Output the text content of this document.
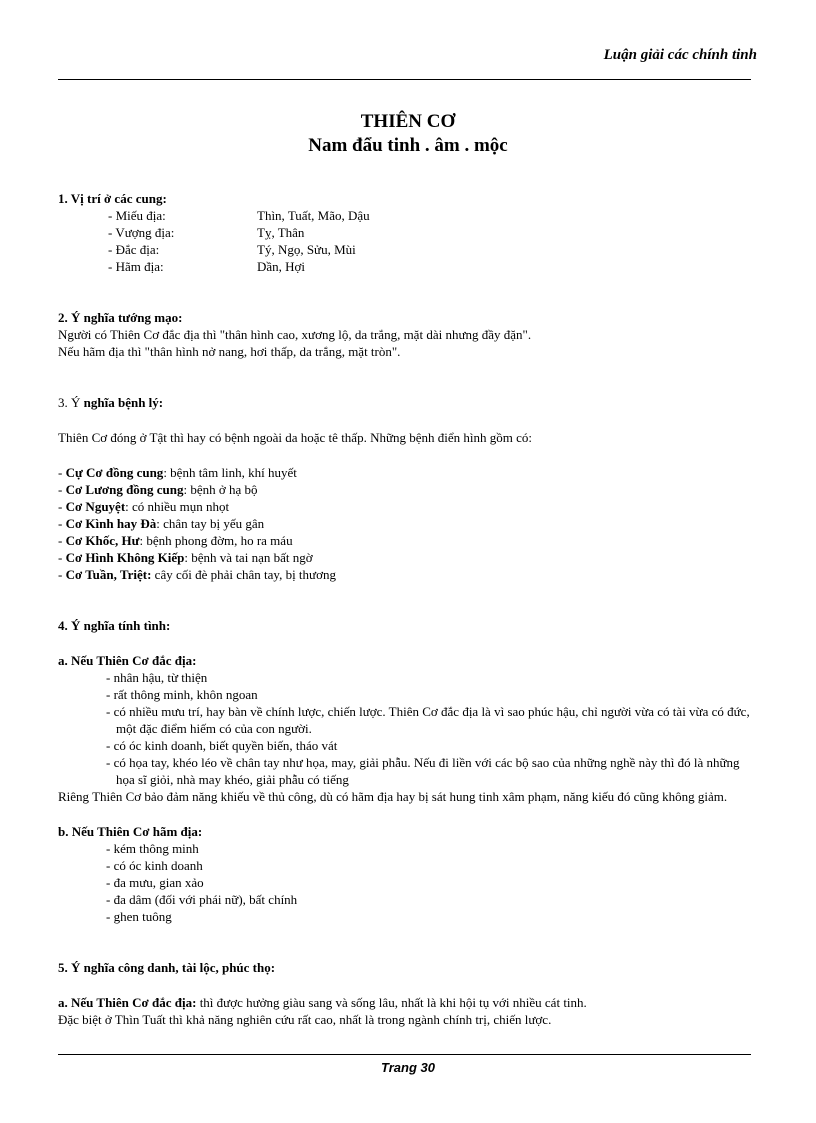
Luận giải các chính tinh
THIÊN CƠ
Nam đẩu tinh . âm . mộc

1. Vị trí ở các cung:

- Miếu địa:	Thìn, Tuất, Mão, Dậu
- Vượng địa:	Tỵ, Thân
- Đắc địa:	Tý, Ngọ, Sửu, Mùi
- Hãm địa:	Dần, Hợi

2. Ý nghĩa tướng mạo:

Người có Thiên Cơ đắc địa thì "thân hình cao, xương lộ, da trắng, mặt dài nhưng đầy đặn".

Nếu hãm địa thì "thân hình nở nang, hơi thấp, da trắng, mặt tròn".

3. Ý nghĩa bệnh lý:

Thiên Cơ đóng ở Tật thì hay có bệnh ngoài da hoặc tê thấp. Những bệnh điển hình gồm có:

- Cự Cơ đồng cung: bệnh tâm linh, khí huyết
- Cơ Lương đồng cung: bệnh ở hạ bộ
- Cơ Nguyệt: có nhiều mụn nhọt
- Cơ Kình hay Đà: chân tay bị yếu gân
- Cơ Khốc, Hư: bệnh phong đờm, ho ra máu
- Cơ Hình Không Kiếp: bệnh và tai nạn bất ngờ
- Cơ Tuần, Triệt: cây cối đè phải chân tay, bị thương

4. Ý nghĩa tính tình:

a. Nếu Thiên Cơ đắc địa:

- nhân hậu, từ thiện
- rất thông minh, khôn ngoan
- có nhiều mưu trí, hay bàn về chính lược, chiến lược. Thiên Cơ đắc địa là vì sao phúc hậu, chỉ người vừa có tài vừa có đức, một đặc điểm hiếm có của con người.
- có óc kinh doanh, biết quyền biến, tháo vát
- có họa tay, khéo léo về chân tay như họa, may, giải phẫu. Nếu đi liền với các bộ sao của những nghề này thì đó là những họa sĩ giỏi, nhà may khéo, giải phẫu có tiếng

Riêng Thiên Cơ bảo đảm năng khiếu về thủ công, dù có hãm địa hay bị sát hung tinh xâm phạm, năng kiếu đó cũng không giảm.

b. Nếu Thiên Cơ hãm địa:

- kém thông minh
- có óc kinh doanh
- đa mưu, gian xảo
- đa dâm (đối với phái nữ), bất chính
- ghen tuông

5. Ý nghĩa công danh, tài lộc, phúc thọ:

a. Nếu Thiên Cơ đắc địa: thì được hưởng giàu sang và sống lâu, nhất là khi hội tụ với nhiều cát tinh.

Đặc biệt ở Thìn Tuất thì khả năng nghiên cứu rất cao, nhất là trong ngành chính trị, chiến lược.

Trang 30
